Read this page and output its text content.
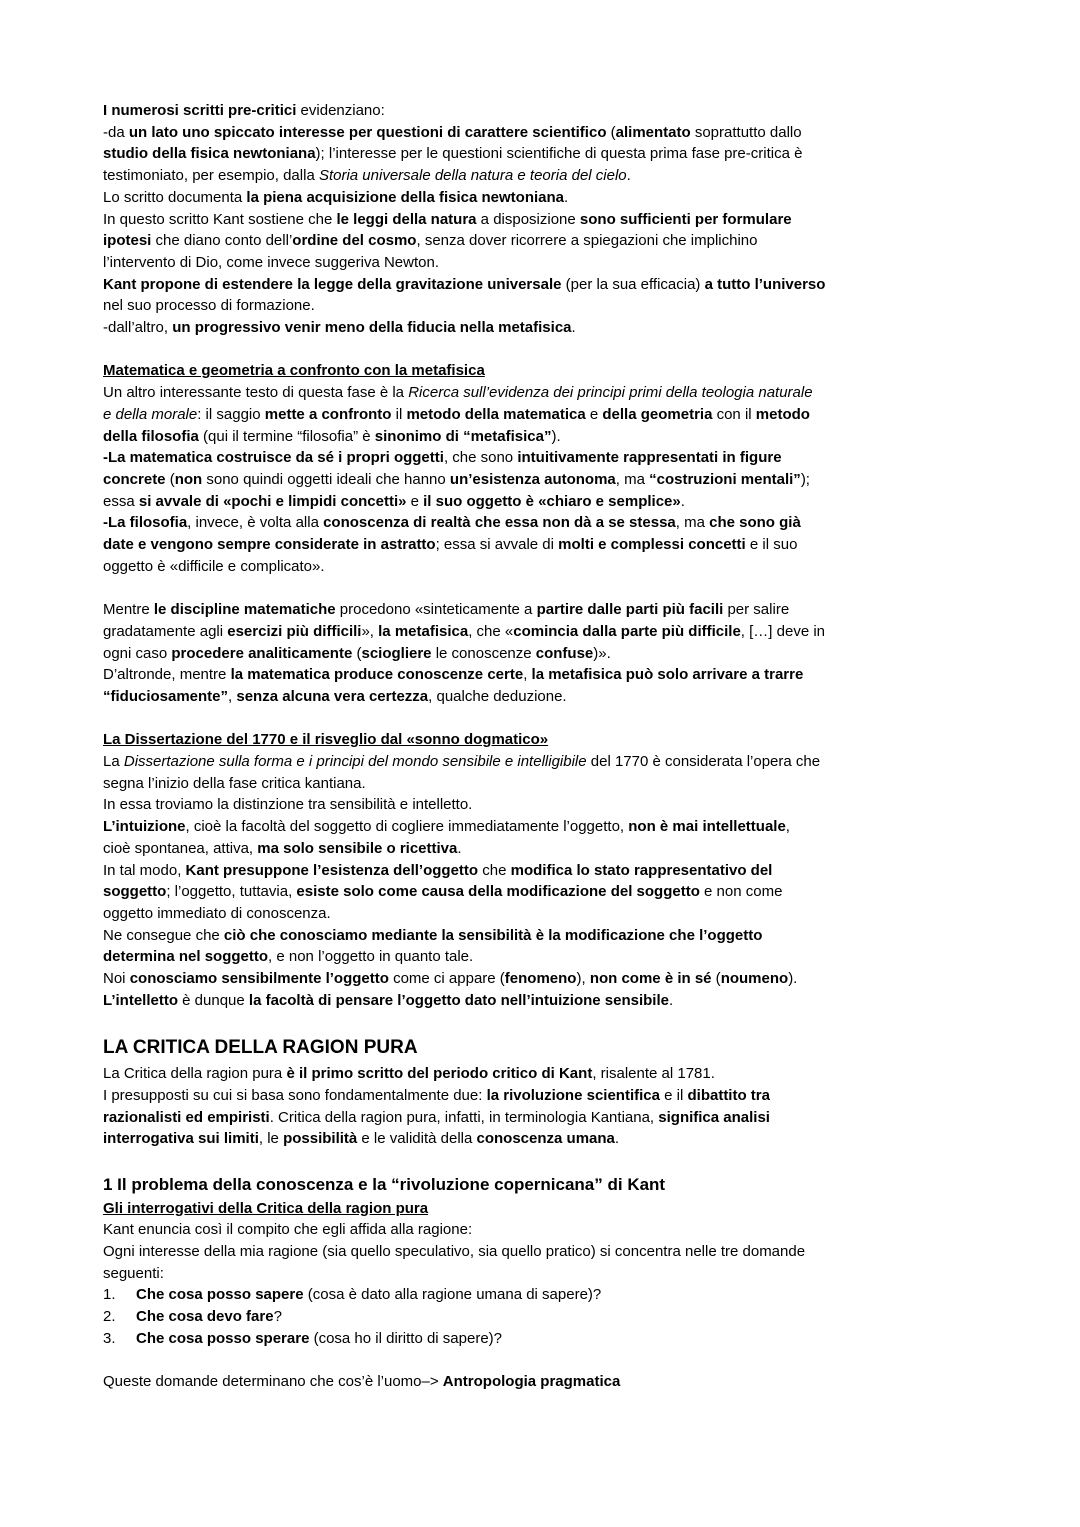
I numerosi scritti pre-critici evidenziano:
-da un lato uno spiccato interesse per questioni di carattere scientifico (alimentato soprattutto dallo
studio della fisica newtoniana); l’interesse per le questioni scientifiche di questa prima fase pre-critica è
testimoniato, per esempio, dalla Storia universale della natura e teoria del cielo.
Lo scritto documenta la piena acquisizione della fisica newtoniana.
In questo scritto Kant sostiene che le leggi della natura a disposizione sono sufficienti per formulare
ipotesi che diano conto dell’ordine del cosmo, senza dover ricorrere a spiegazioni che implichino
l’intervento di Dio, come invece suggeriva Newton.
Kant propone di estendere la legge della gravitazione universale (per la sua efficacia) a tutto l’universo
nel suo processo di formazione.
-dall’altro, un progressivo venir meno della fiducia nella metafisica.
Matematica e geometria a confronto con la metafisica
Un altro interessante testo di questa fase è la Ricerca sull’evidenza dei principi primi della teologia naturale
e della morale: il saggio mette a confronto il metodo della matematica e della geometria con il metodo
della filosofia (qui il termine “filosofia” è sinonimo di “metafisica”).
-La matematica costruisce da sé i propri oggetti, che sono intuitivamente rappresentati in figure
concrete (non sono quindi oggetti ideali che hanno un’esistenza autonoma, ma “costruzioni mentali”);
essa si avvale di «pochi e limpidi concetti» e il suo oggetto è «chiaro e semplice».
-La filosofia, invece, è volta alla conoscenza di realtà che essa non dà a se stessa, ma che sono già
date e vengono sempre considerate in astratto; essa si avvale di molti e complessi concetti e il suo
oggetto è «difficile e complicato».
Mentre le discipline matematiche procedono «sinteticamente a partire dalle parti più facili per salire
gradatamente agli esercizi più difficili», la metafisica, che «comincia dalla parte più difficile, […] deve in
ogni caso procedere analiticamente (sciogliere le conoscenze confuse)».
D’altronde, mentre la matematica produce conoscenze certe, la metafisica può solo arrivare a trarre
“fiduciosamente”, senza alcuna vera certezza, qualche deduzione.
La Dissertazione del 1770 e il risveglio dal «sonno dogmatico»
La Dissertazione sulla forma e i principi del mondo sensibile e intelligibile del 1770 è considerata l’opera che
segna l’inizio della fase critica kantiana.
In essa troviamo la distinzione tra sensibilità e intelletto.
L’intuizione, cioè la facoltà del soggetto di cogliere immediatamente l’oggetto, non è mai intellettuale,
cioè spontanea, attiva, ma solo sensibile o ricettiva.
In tal modo, Kant presuppone l’esistenza dell’oggetto che modifica lo stato rappresentativo del
soggetto; l’oggetto, tuttavia, esiste solo come causa della modificazione del soggetto e non come
oggetto immediato di conoscenza.
Ne consegue che ciò che conosciamo mediante la sensibilità è la modificazione che l’oggetto
determina nel soggetto, e non l’oggetto in quanto tale.
Noi conosciamo sensibilmente l’oggetto come ci appare (fenomeno), non come è in sé (noumeno).
L’intelletto è dunque la facoltà di pensare l’oggetto dato nell’intuizione sensibile.
LA CRITICA DELLA RAGION PURA
La Critica della ragion pura è il primo scritto del periodo critico di Kant, risalente al 1781.
I presupposti su cui si basa sono fondamentalmente due: la rivoluzione scientifica e il dibattito tra
razionalisti ed empiristi. Critica della ragion pura, infatti, in terminologia Kantiana, significa analisi
interrogativa sui limiti, le possibilità e le validità della conoscenza umana.
1 Il problema della conoscenza e la “rivoluzione copernicana” di Kant
Gli interrogativi della Critica della ragion pura
Kant enuncia così il compito che egli affida alla ragione:
Ogni interesse della mia ragione (sia quello speculativo, sia quello pratico) si concentra nelle tre domande
seguenti:
1.	Che cosa posso sapere (cosa è dato alla ragione umana di sapere)?
2.	Che cosa devo fare?
3.	Che cosa posso sperare (cosa ho il diritto di sapere)?
Queste domande determinano che cos’è l’uomo–> Antropologia pragmatica
